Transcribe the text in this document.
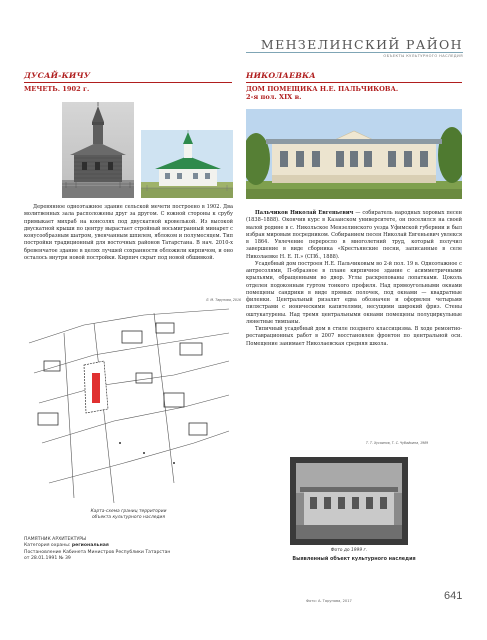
МЕНЗЕЛИНСКИЙ РАЙОН
ОБЪЕКТЫ КУЛЬТУРНОГО НАСЛЕДИЯ
ДУСАЙ-КИЧУ
МЕЧЕТЬ. 1902 г.

Деревянное одноэтажное здание сельской мечети построено в 1902. Два молитвенных зала расположены друг за другом. С южной стороны к срубу примыкает михраб на консолях под двускатной кровелькой. Из высокой двускатной крыши по центру вырастает стройный восьмигранный минарет с конусообразным шатром, увенчанным шпилем, яблоком и полумесяцем. Тип постройки традиционный для восточных районов Татарстана. В нач. 2010-х бревенчатое здание в целях лучшей сохранности обложили кирпичом, и оно осталось внутри новой постройки. Кирпич скрыт под новой обшивкой.

Л. М. Тарунова, 2016
Карта-схема границ территории
объекта культурного наследия
ПАМЯТНИК АРХИТЕКТУРЫ
Категория охраны: региональная
Постановление Кабинета Министров Республики Татарстан
от 28.01.1991 № 39
НИКОЛАЕВКА
ДОМ ПОМЕЩИКА Н.Е. ПАЛЬЧИКОВА.
2-я пол. XIX в.

Пальчиков Николай Евгеньевич — собиратель народных хоровых песен (1838–1888). Окончив курс в Казанском университете, он поселился на своей малой родине в с. Никольское Мензелинского уезда Уфимской губернии и был избран мировым посредником. Собиранием песен Николай Евгеньевич увлекся в 1864. Увлечение переросло в многолетний труд, который получил завершение в виде сборника «Крестьянские песни, записанные в селе Николаевке Н. Е. П.» (СПб., 1888).

Усадебный дом построен Н.Е. Пальчиковым во 2-й пол. 19 в. Одноэтажное с антресолями, П-образное в плане кирпичное здание с асимметричными крыльями, обращенными во двор. Углы раскрепованы лопатками. Цоколь отделен подоконным гуртом тонкого профиля. Над прямоугольными окнами помещены сандрики в виде прямых полочек, под окнами — квадратные филенки. Центральный ризалит едва обозначен и оформлен четырьмя пилястрами с ионическими капителями, несущими широкий фриз. Стены оштукатурены. Над тремя центральными окнами помещены полуциркульные люнетные тимпаны.

Типичный усадебный дом в стиле позднего классицизма. В ходе ремонтно-реставрационных работ в 2007 восстановлен фронтон по центральной оси. Помещение занимает Николаевская средняя школа.

Т. Т. Хусаинов, Т. С. Чубайкина, 1989
Фото до 1999 г.
Выявленный объект культурного наследия
Фото: А. Тарунова, 2017	641
